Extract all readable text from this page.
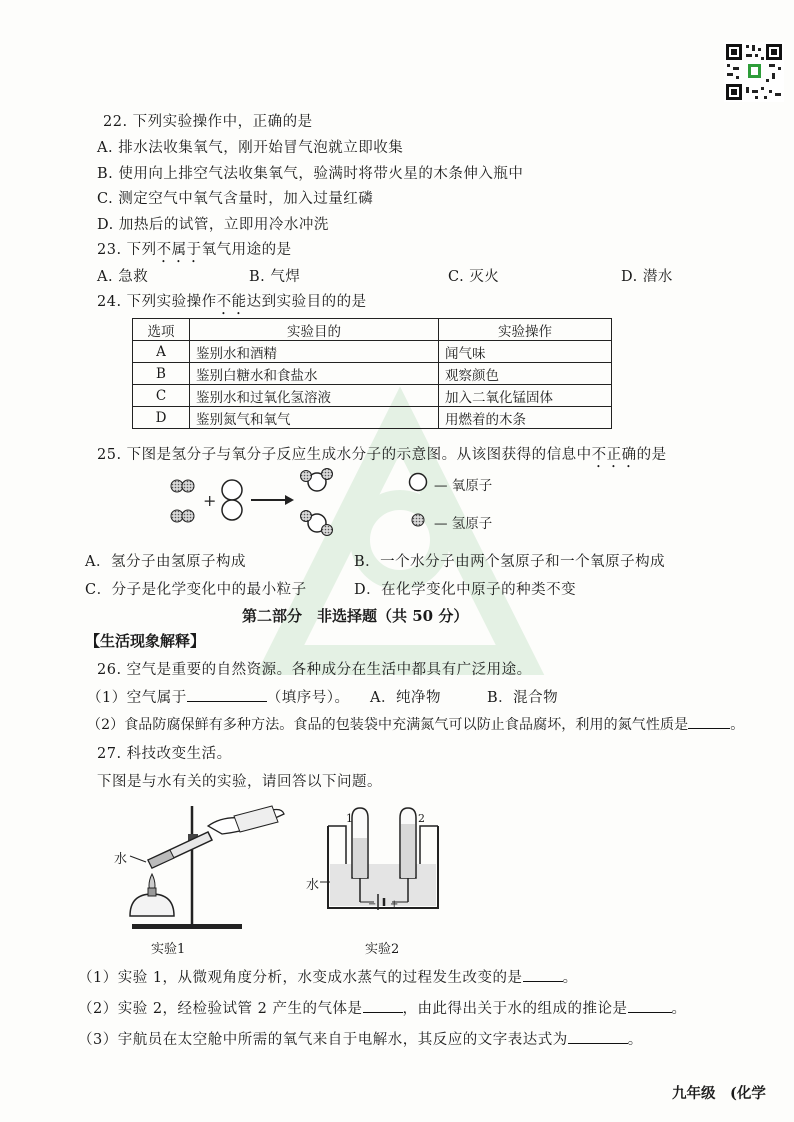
22. 下列实验操作中，正确的是
A. 排水法收集氧气，刚开始冒气泡就立即收集
B. 使用向上排空气法收集氧气，验满时将带火星的木条伸入瓶中
C. 测定空气中氧气含量时，加入过量红磷
D. 加热后的试管，立即用冷水冲洗
23. 下列不属于氧气用途的是
A. 急救	B. 气焊	C. 灭火	D. 潜水
24. 下列实验操作不能达到实验目的的是
选项	实验目的	实验操作
A	鉴别水和酒精	闻气味
B	鉴别白糖水和食盐水	观察颜色
C	鉴别水和过氧化氢溶液	加入二氧化锰固体
D	鉴别氮气和氧气	用燃着的木条
25. 下图是氢分子与氧分子反应生成水分子的示意图。从该图获得的信息中不正确的是
+
— 氧原子
— 氢原子
A．氢分子由氢原子构成	B．一个水分子由两个氢原子和一个氧原子构成
C．分子是化学变化中的最小粒子	D．在化学变化中原子的种类不变
第二部分　非选择题（共 50 分）
【生活现象解释】
26. 空气是重要的自然资源。各种成分在生活中都具有广泛用途。
（1）空气属于	（填序号）。 A．纯净物	B．混合物
（2）食品防腐保鲜有多种方法。食品的包装袋中充满氮气可以防止食品腐坏，利用的氮气性质是	。
27. 科技改变生活。
下图是与水有关的实验，请回答以下问题。
水
实验1
− +
1	2
水
实验2
（1）实验 1，从微观角度分析，水变成水蒸气的过程发生改变的是	。
（2）实验 2，经检验试管 2 产生的气体是	，由此得出关于水的组成的推论是	。
（3）宇航员在太空舱中所需的氧气来自于电解水，其反应的文字表达式为	。
九年级　(化学
